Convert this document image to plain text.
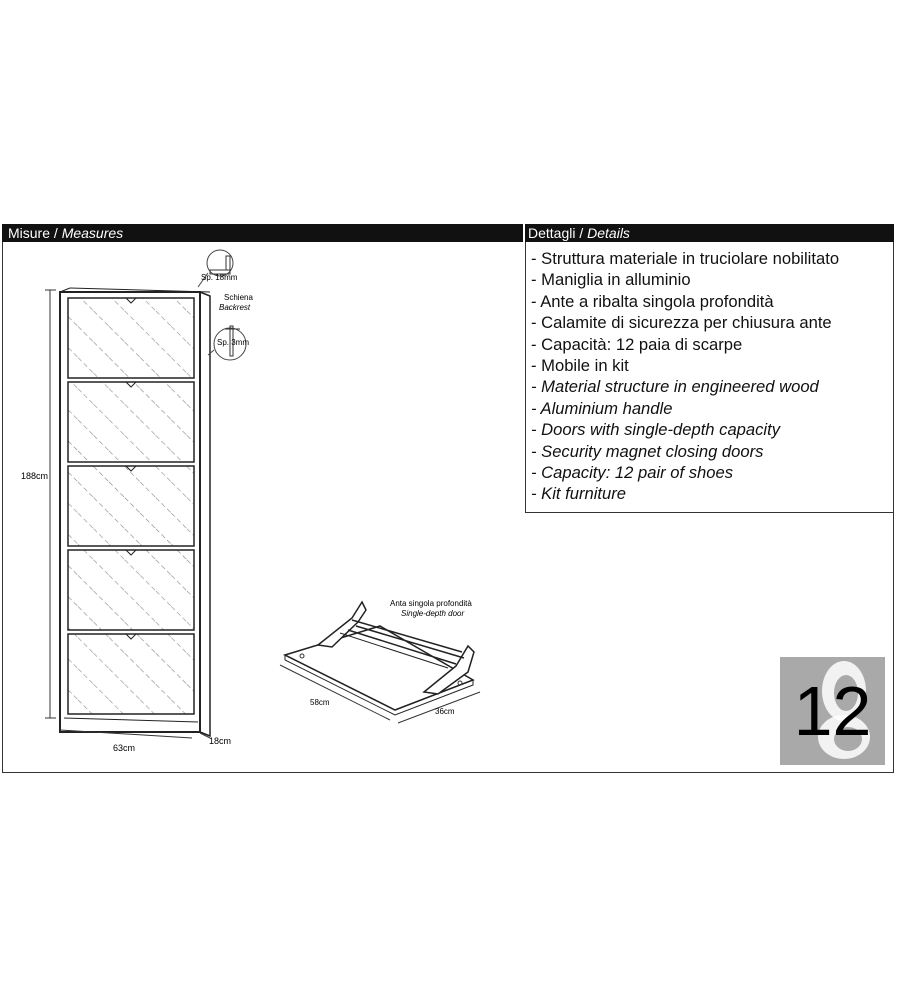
Misure / Measures	Dettagli / Details
- Struttura materiale in truciolare nobilitato
- Maniglia in alluminio
- Ante a ribalta singola profondità
- Calamite di sicurezza per chiusura ante
- Capacità: 12 paia di scarpe
- Mobile in kit
- Material structure in engineered wood
- Aluminium handle
- Doors with single-depth capacity
- Security magnet closing doors
- Capacity: 12 pair of shoes
- Kit furniture
188cm
63cm
18cm
Sp. 18mm
Schiena
Backrest
Sp. 3mm
Anta singola profondità
Single-depth door
58cm
36cm	12
